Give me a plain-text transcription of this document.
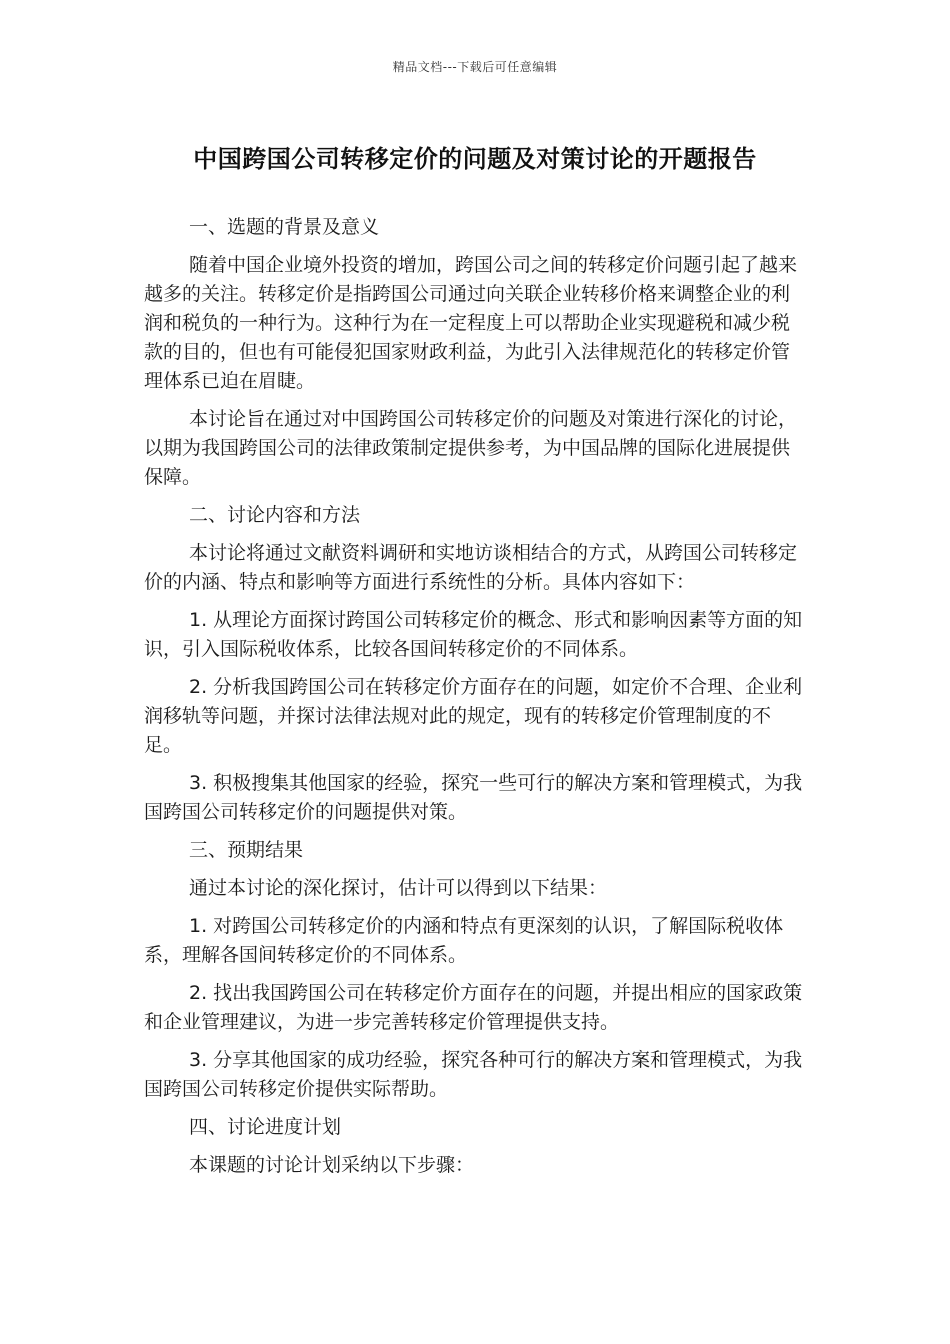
精品文档---下载后可任意编辑
中国跨国公司转移定价的问题及对策讨论的开题报告

一、选题的背景及意义

随着中国企业境外投资的增加，跨国公司之间的转移定价问题引起了越来越多的关注。转移定价是指跨国公司通过向关联企业转移价格来调整企业的利润和税负的一种行为。这种行为在一定程度上可以帮助企业实现避税和减少税款的目的，但也有可能侵犯国家财政利益，为此引入法律规范化的转移定价管理体系已迫在眉睫。

本讨论旨在通过对中国跨国公司转移定价的问题及对策进行深化的讨论，以期为我国跨国公司的法律政策制定提供参考，为中国品牌的国际化进展提供保障。

二、讨论内容和方法

本讨论将通过文献资料调研和实地访谈相结合的方式，从跨国公司转移定价的内涵、特点和影响等方面进行系统性的分析。具体内容如下：

1. 从理论方面探讨跨国公司转移定价的概念、形式和影响因素等方面的知识，引入国际税收体系，比较各国间转移定价的不同体系。

2. 分析我国跨国公司在转移定价方面存在的问题，如定价不合理、企业利润移轨等问题，并探讨法律法规对此的规定，现有的转移定价管理制度的不足。

3. 积极搜集其他国家的经验，探究一些可行的解决方案和管理模式，为我国跨国公司转移定价的问题提供对策。

三、预期结果

通过本讨论的深化探讨，估计可以得到以下结果：

1. 对跨国公司转移定价的内涵和特点有更深刻的认识，了解国际税收体系，理解各国间转移定价的不同体系。

2. 找出我国跨国公司在转移定价方面存在的问题，并提出相应的国家政策和企业管理建议，为进一步完善转移定价管理提供支持。

3. 分享其他国家的成功经验，探究各种可行的解决方案和管理模式，为我国跨国公司转移定价提供实际帮助。

四、讨论进度计划

本课题的讨论计划采纳以下步骤：
